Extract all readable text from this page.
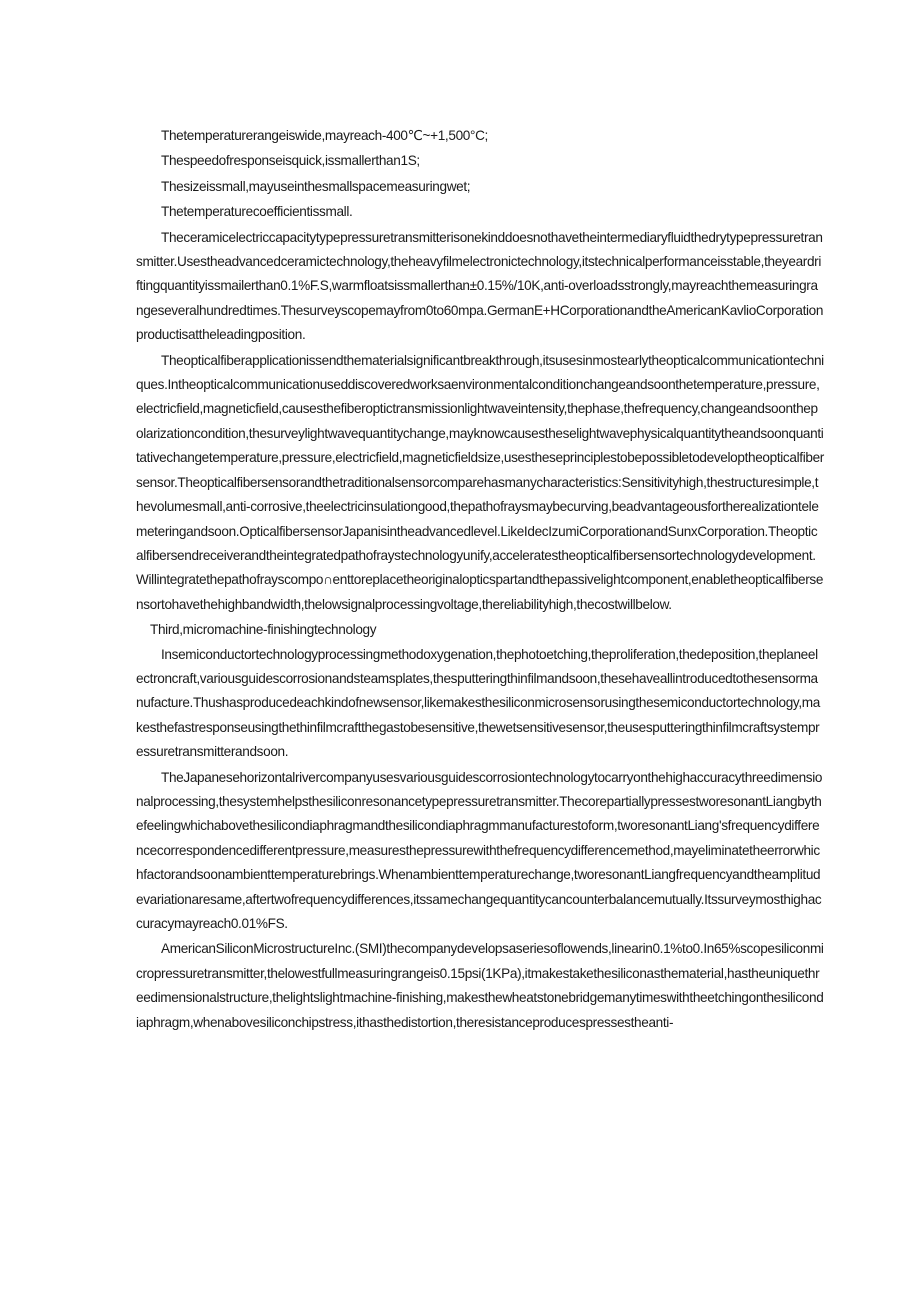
Thetemperaturerangeiswide,mayreach-400℃~+1,500°C;

Thespeedofresponseisquick,issmallerthan1S;

Thesizeissmall,mayuseinthesmallspacemeasuringwet;

Thetemperaturecoefficientissmall.

Theceramicelectriccapacitytypepressuretransmitterisonekinddoesnothavetheintermediaryfluidthedrytypepressuretransmitter.Usestheadvancedceramictechnology,theheavyfilmelectronictechnology,itstechnicalperformanceisstable,theyeardriftingquantityissmailerthan0.1%F.S,warmfloatsissmallerthan±0.15%/10K,anti-overloadsstrongly,mayreachthemeasuringrangeseveralhundredtimes.Thesurveyscopemayfrom0to60mpa.GermanE+HCorporationandtheAmericanKavlioCorporationproductisattheleadingposition.

Theopticalfiberapplicationissendthematerialsignificantbreakthrough,itsusesinmostearlytheopticalcommunicationtechniques.Intheopticalcommunicationuseddiscoveredworksaenvironmentalconditionchangeandsoonthetemperature,pressure,electricfield,magneticfield,causesthefiberoptictransmissionlightwaveintensity,thephase,thefrequency,changeandsoonthepolarizationcondition,thesurveylightwavequantitychange,mayknowcausestheselightwavephysicalquantitytheandsoonquantitativechangetemperature,pressure,electricfield,magneticfieldsize,usestheseprinciplestobepossibletodeveloptheopticalfibersensor.Theopticalfibersensorandthetraditionalsensorcomparehasmanycharacteristics:Sensitivityhigh,thestructuresimple,thevolumesmall,anti-corrosive,theelectricinsulationgood,thepathofraysmaybecurving,beadvantageousfortherealizationtelemeteringandsoon.OpticalfibersensorJapanisintheadvancedlevel.LikeIdecIzumiCorporationandSunxCorporation.Theopticalfibersendreceiverandtheintegratedpathofraystechnologyunify,acceleratestheopticalfibersensortechnologydevelopment.Willintegratethepathofrayscompo∩enttoreplacetheoriginalopticspartandthepassivelightcomponent,enabletheopticalfibersensortohavethehighbandwidth,thelowsignalprocessingvoltage,thereliabilityhigh,thecostwillbelow.

Third,micromachine-finishingtechnology

Insemiconductortechnologyprocessingmethodoxygenation,thephotoetching,theproliferation,thedeposition,theplaneelectroncraft,variousguidescorrosionandsteamsplates,thesputteringthinfilmandsoon,thesehaveallintroducedtothesensormanufacture.Thushasproducedeachkindofnewsensor,likemakesthesiliconmicrosensorusingthesemiconductortechnology,makesthefastresponseusingthethinfilmcraftthegastobesensitive,thewetsensitivesensor,theusesputteringthinfilmcraftsystempressuretransmitterandsoon.

TheJapanesehorizontalrivercompanyusesvariousguidescorrosiontechnologytocarryonthehighaccuracythreedimensionalprocessing,thesystemhelpsthesiliconresonancetypepressuretransmitter.ThecorepartiallypressestworesonantLiangbythefeelingwhichabovethesilicondiaphragmandthesilicondiaphragmmanufacturestoform,tworesonantLiang'sfrequencydifferencecorrespondencedifferentpressure,measuresthepressurewiththefrequencydifferencemethod,mayeliminatetheerrorwhichfactorandsoonambienttemperaturebrings.Whenambienttemperaturechange,tworesonantLiangfrequencyandtheamplitudevariationaresame,aftertwofrequencydifferences,itssamechangequantitycancounterbalancemutually.Itssurveymosthighaccuracymayreach0.01%FS.

AmericanSiliconMicrostructureInc.(SMI)thecompanydevelopsaseriesoflowends,linearin0.1%to0.In65%scopesiliconmicropressuretransmitter,thelowestfullmeasuringrangeis0.15psi(1KPa),itmakestakethesiliconasthematerial,hastheuniquethreedimensionalstructure,thelightslightmachine-finishing,makesthewheatstonebridgemanytimeswiththeetchingonthesilicondiaphragm,whenabovesiliconchipstress,ithasthedistortion,theresistanceproducespressestheanti-
